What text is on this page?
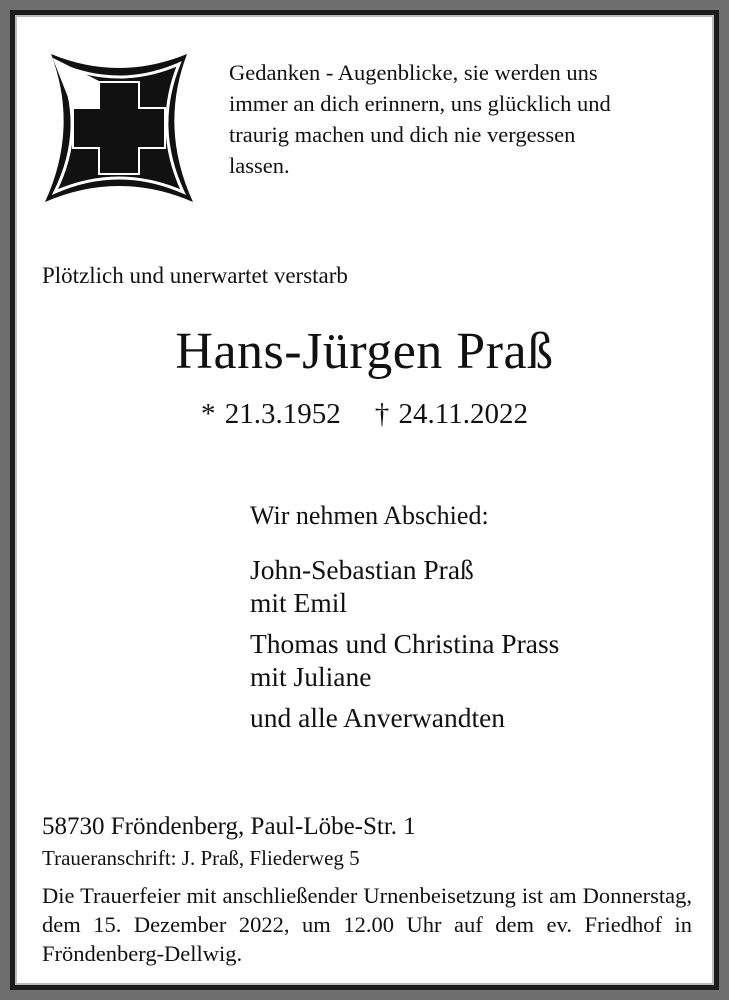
Gedanken - Augenblicke, sie werden uns
immer an dich erinnern, uns glücklich und
traurig machen und dich nie vergessen
lassen.
Plötzlich und unerwartet verstarb
Hans-Jürgen Praß
* 21.3.1952 † 24.11.2022
Wir nehmen Abschied:
John-Sebastian Praß
mit Emil
Thomas und Christina Prass
mit Juliane
und alle Anverwandten
58730 Fröndenberg, Paul-Löbe-Str. 1
Traueranschrift: J. Praß, Fliederweg 5
Die Trauerfeier mit anschließender Urnenbeisetzung ist am Donnerstag, dem 15. Dezember 2022, um 12.00 Uhr auf dem ev. Friedhof in Fröndenberg-Dellwig.
